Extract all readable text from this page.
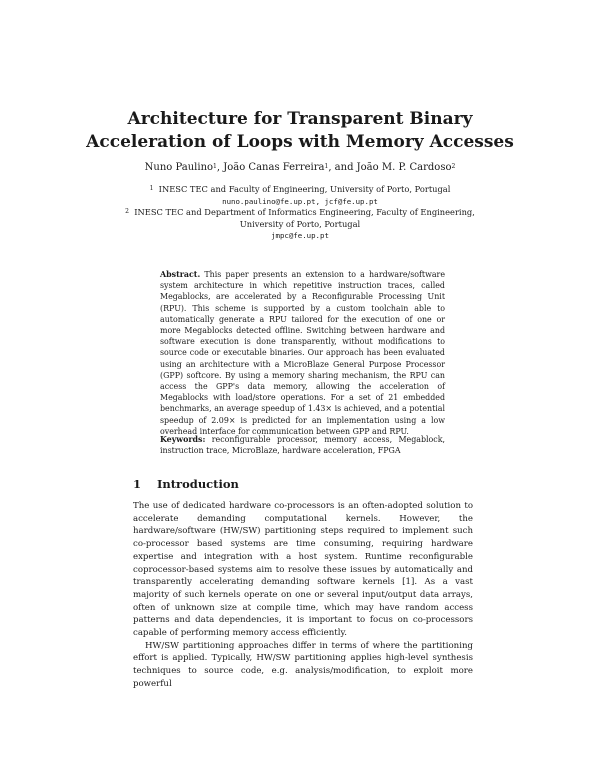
Architecture for Transparent Binary
Acceleration of Loops with Memory Accesses
Nuno Paulino$^1$, João Canas Ferreira$^1$, and João M. P. Cardoso$^2$
$^1$ INESC TEC and Faculty of Engineering, University of Porto, Portugal
nuno.paulino@fe.up.pt, jcf@fe.up.pt
$^2$ INESC TEC and Department of Informatics Engineering, Faculty of Engineering,
University of Porto, Portugal
jmpc@fe.up.pt
Abstract. This paper presents an extension to a hardware/software system architecture in which repetitive instruction traces, called Megablocks, are accelerated by a Reconfigurable Processing Unit (RPU). This scheme is supported by a custom toolchain able to automatically generate a RPU tailored for the execution of one or more Megablocks detected offline. Switching between hardware and software execution is done transparently, without modifications to source code or executable binaries. Our approach has been evaluated using an architecture with a MicroBlaze General Purpose Processor (GPP) softcore. By using a memory sharing mechanism, the RPU can access the GPP's data memory, allowing the acceleration of Megablocks with load/store operations. For a set of 21 embedded benchmarks, an average speedup of 1.43× is achieved, and a potential speedup of 2.09× is predicted for an implementation using a low overhead interface for communication between GPP and RPU.
Keywords: reconfigurable processor, memory access, Megablock, instruction trace, MicroBlaze, hardware acceleration, FPGA
1 Introduction

The use of dedicated hardware co-processors is an often-adopted solution to accelerate demanding computational kernels. However, the hardware/software (HW/SW) partitioning steps required to implement such co-processor based systems are time consuming, requiring hardware expertise and integration with a host system. Runtime reconfigurable coprocessor-based systems aim to resolve these issues by automatically and transparently accelerating demanding software kernels [1]. As a vast majority of such kernels operate on one or several input/output data arrays, often of unknown size at compile time, which may have random access patterns and data dependencies, it is important to focus on co-processors capable of performing memory access efficiently.

HW/SW partitioning approaches differ in terms of where the partitioning effort is applied. Typically, HW/SW partitioning applies high-level synthesis techniques to source code, e.g. analysis/modification, to exploit more powerful
